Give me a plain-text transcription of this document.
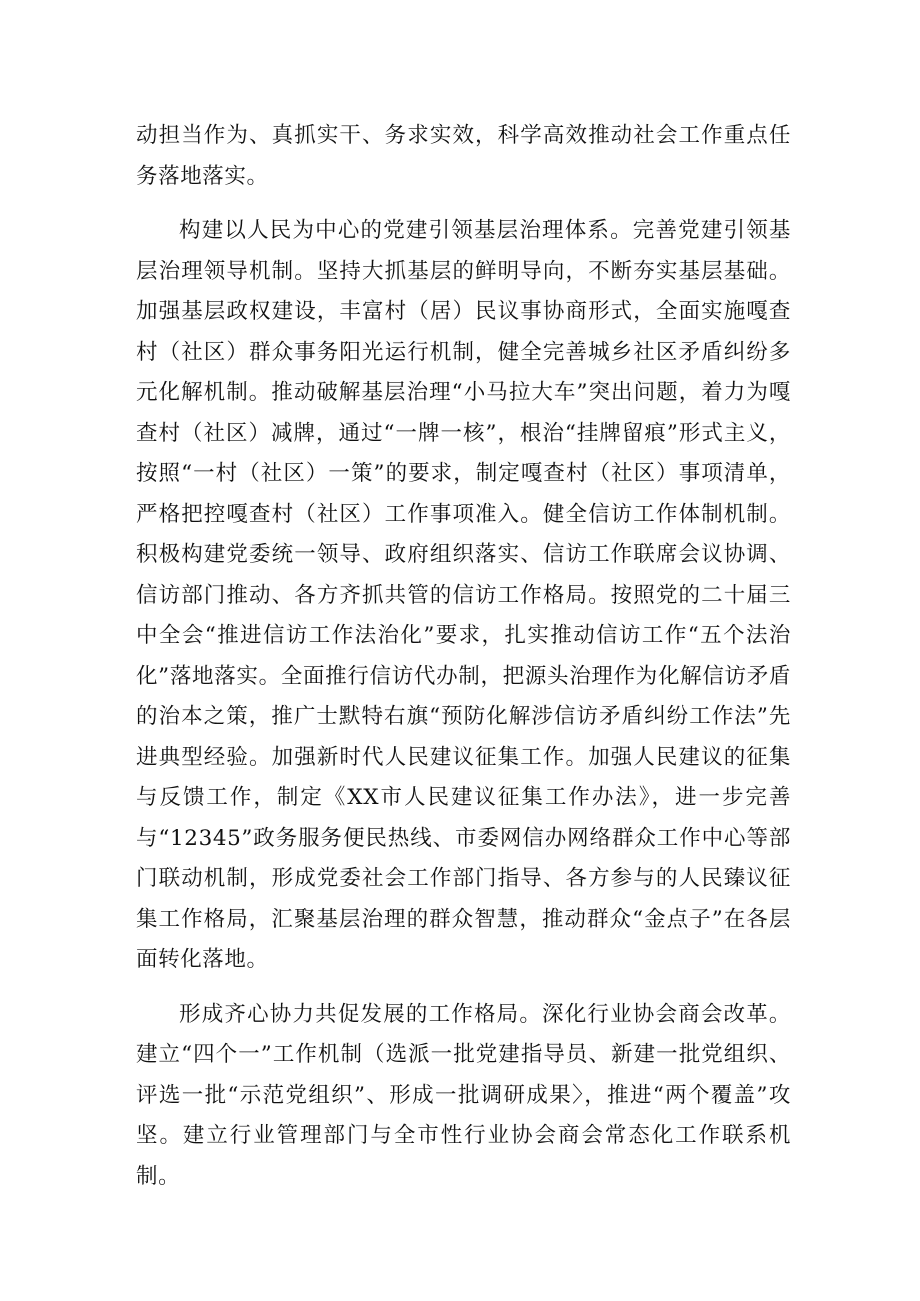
动担当作为、真抓实干、务求实效，科学高效推动社会工作重点任务落地落实。

构建以人民为中心的党建引领基层治理体系。完善党建引领基层治理领导机制。坚持大抓基层的鲜明导向，不断夯实基层基础。加强基层政权建设，丰富村（居）民议事协商形式，全面实施嘎查村（社区）群众事务阳光运行机制，健全完善城乡社区矛盾纠纷多元化解机制。推动破解基层治理“小马拉大车”突出问题，着力为嘎查村（社区）减牌，通过“一牌一核”，根治“挂牌留痕”形式主义，按照“一村（社区）一策”的要求，制定嘎查村（社区）事项清单，严格把控嘎查村（社区）工作事项准入。健全信访工作体制机制。积极构建党委统一领导、政府组织落实、信访工作联席会议协调、信访部门推动、各方齐抓共管的信访工作格局。按照党的二十届三中全会“推进信访工作法治化”要求，扎实推动信访工作“五个法治化”落地落实。全面推行信访代办制，把源头治理作为化解信访矛盾的治本之策，推广士默特右旗“预防化解涉信访矛盾纠纷工作法”先进典型经验。加强新时代人民建议征集工作。加强人民建议的征集与反馈工作，制定《XX市人民建议征集工作办法》，进一步完善与“12345”政务服务便民热线、市委网信办网络群众工作中心等部门联动机制，形成党委社会工作部门指导、各方参与的人民臻议征集工作格局，汇聚基层治理的群众智慧，推动群众“金点子”在各层面转化落地。

形成齐心协力共促发展的工作格局。深化行业协会商会改革。建立“四个一”工作机制（选派一批党建指导员、新建一批党组织、评选一批“示范党组织”、形成一批调研成果〉，推进“两个覆盖”攻坚。建立行业管理部门与全市性行业协会商会常态化工作联系机制。
